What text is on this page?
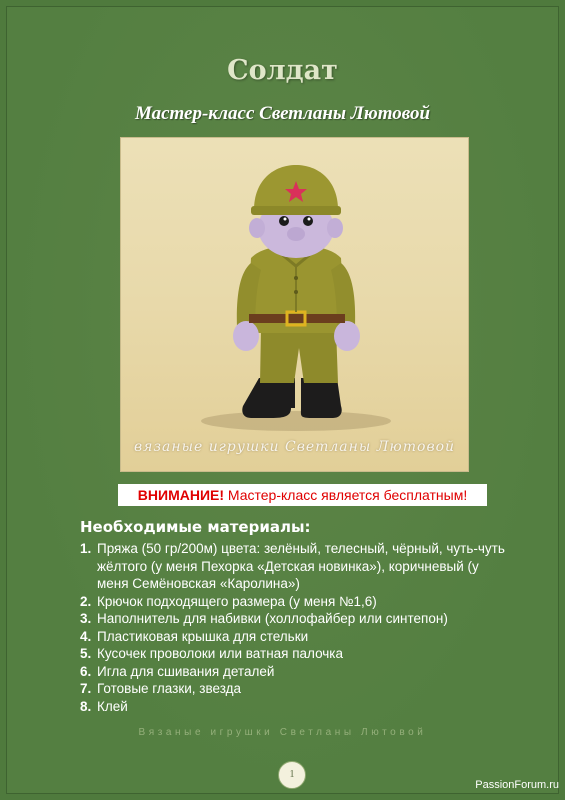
Солдат
Мастер-класс Светланы Лютовой
вязаные игрушки Светланы Лютовой
ВНИМАНИЕ! Мастер-класс является бесплатным!
Необходимые материалы:
1. Пряжа (50 гр/200м) цвета: зелёный, телесный, чёрный, чуть-чуть жёлтого (у меня Пехорка «Детская новинка»), коричневый (у меня Семёновская «Каролина»)
2. Крючок подходящего размера (у меня №1,6)
3. Наполнитель для набивки (холлофайбер или синтепон)
4. Пластиковая крышка для стельки
5. Кусочек проволоки или ватная палочка
6. Игла для сшивания деталей
7. Готовые глазки, звезда
8. Клей
Вязаные игрушки Светланы Лютовой
1
PassionForum.ru
